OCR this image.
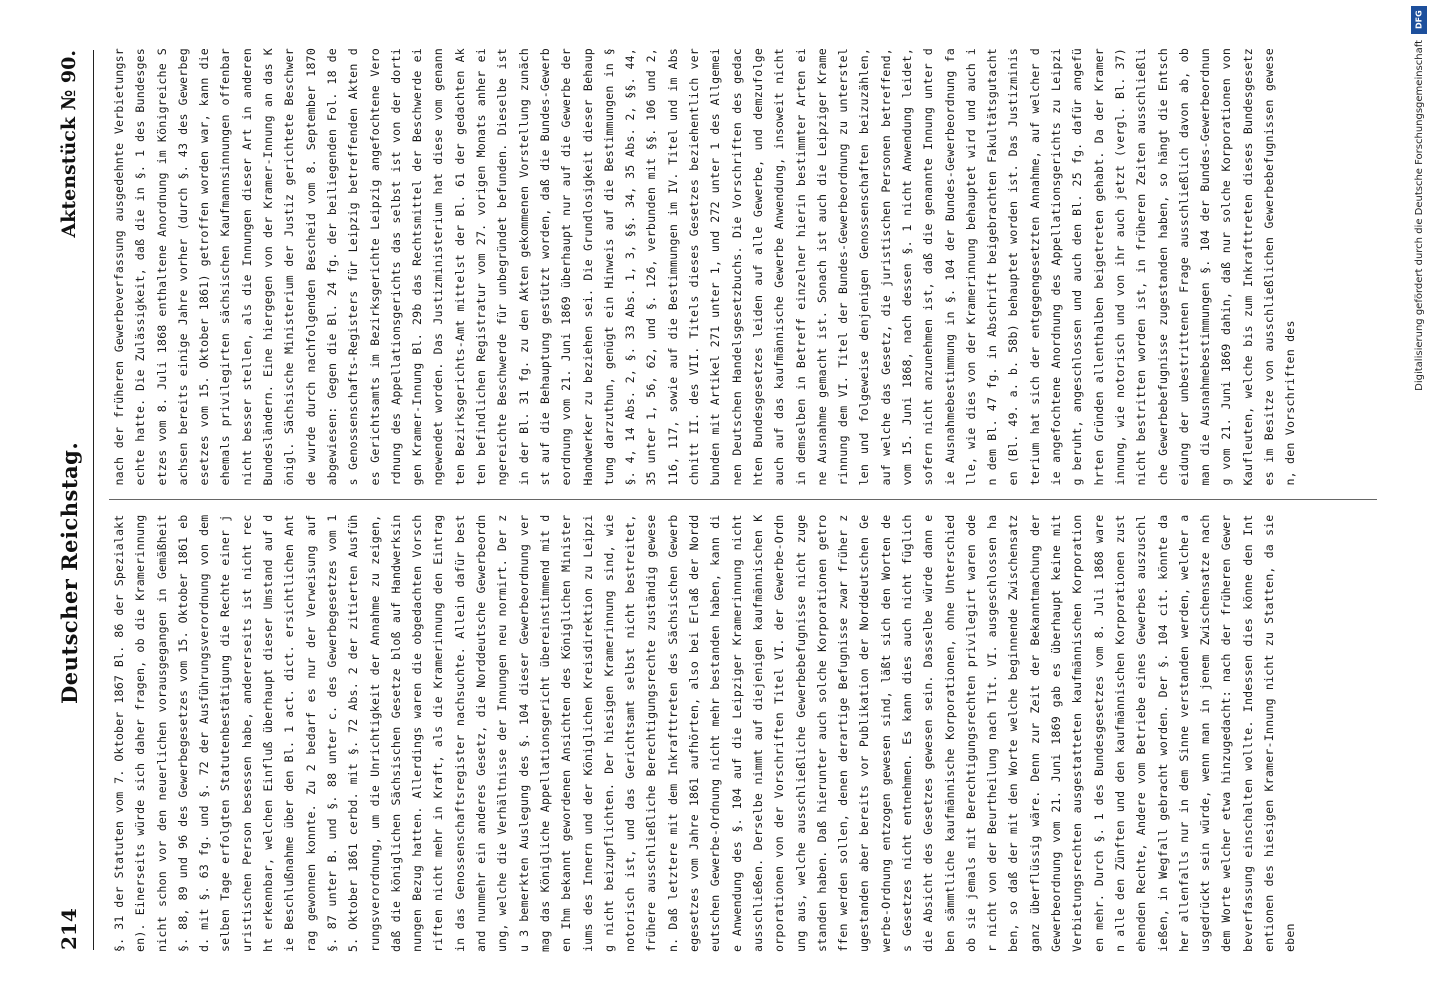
214
Deutscher Reichstag.
Aktenstück № 90.

§. 31 der Statuten vom 7. Oktober 1867 Bl. 86 der Spezialakten). Einerseits würde sich daher fragen, ob die Kramerinnung nicht schon vor den neuerlichen vorausgegangen in Gemäßheit §. 88, 89 und 96 des Gewerbegesetzes vom 15. Oktober 1861 ebd. mit §. 63 fg. und §. 72 der Ausführungsverordnung von demselben Tage erfolgten Statutenbestätigung die Rechte einer juristischen Person besessen habe, andererseits ist nicht recht erkennbar, welchen Einfluß überhaupt dieser Umstand auf die Beschlußnahme über den Bl. 1 act. dict. ersichtlichen Antrag gewonnen konnte. Zu 2 bedarf es nur der Verweisung auf §. 87 unter B. und §. 88 unter c. des Gewerbegesetzes vom 15. Oktober 1861 cerbd. mit §. 72 Abs. 2 der zitierten Ausführungsverordnung, um die Unrichtigkeit der Annahme zu zeigen, daß die königlichen Sächsischen Gesetze bloß auf Handwerksinnungen Bezug hatten. Allerdings waren die obgedachten Vorschriften nicht mehr in Kraft, als die Kramerinnung den Eintrag in das Genossenschaftsregister nachsuchte. Allein dafür bestand nunmehr ein anderes Gesetz, die Norddeutsche Gewerbeordnung, welche die Verhältnisse der Innungen neu normirt. Der zu 3 bemerkten Auslegung des §. 104 dieser Gewerbeordnung vermag das Königliche Appellationsgericht übereinstimmend mit den Ihm bekannt gewordenen Ansichten des Königlichen Ministeriums des Innern und der Königlichen Kreisdirektion zu Leipzig nicht beizupflichten. Der hiesigen Kramerinnung sind, wie notorisch ist, und das Gerichtsamt selbst nicht bestreitet, frühere ausschließliche Berechtigungsrechte zuständig gewesen. Daß letztere mit dem Inkrafttreten des Sächsischen Gewerbegesetzes vom Jahre 1861 aufhörten, also bei Erlaß der Norddeutschen Gewerbe-Ordnung nicht mehr bestanden haben, kann die Anwendung des §. 104 auf die Leipziger Kramerinnung nicht ausschließen. Derselbe nimmt auf diejenigen kaufmännischen Korporationen von der Vorschriften Titel VI. der Gewerbe-Ordnung aus, welche ausschließliche Gewerbebefugnisse nicht zugestanden haben. Daß hierunter auch solche Korporationen getroffen werden sollen, denen derartige Befugnisse zwar früher zugestanden aber bereits vor Publikation der Norddeutschen Gewerbe-Ordnung entzogen gewesen sind, läßt sich den Worten des Gesetzes nicht entnehmen. Es kann dies auch nicht füglich die Absicht des Gesetzes gewesen sein. Dasselbe würde dann eben sämmtliche kaufmännische Korporationen, ohne Unterschied ob sie jemals mit Berechtigungsrechten privilegirt waren oder nicht von der Beurtheilung nach Tit. VI. ausgeschlossen haben, so daß der mit den Worte welche beginnende Zwischensatz ganz überflüssig wäre. Denn zur Zeit der Bekanntmachung der Gewerbeordnung vom 21. Juni 1869 gab es überhaupt keine mit Verbietungsrechten ausgestatteten kaufmännischen Korporationen mehr. Durch §. 1 des Bundesgesetzes vom 8. Juli 1868 waren alle den Zünften und den kaufmännischen Korporationen zustehenden Rechte, Andere vom Betriebe eines Gewerbes auszuschließen, in Wegfall gebracht worden. Der §. 104 cit. könnte daher allenfalls nur in dem Sinne verstanden werden, welcher ausgedrückt sein würde, wenn man in jenem Zwischensatze nach dem Worte welcher etwa hinzugedacht: nach der früheren Gewerbeverfassung einschalten wollte. Indessen dies könne den Intentionen des hiesigen Kramer-Innung nicht zu Statten, da sie eben

nach der früheren Gewerbeverfassung ausgedehnte Verbietungsrechte hatte. Die Zulässigkeit, daß die in §. 1 des Bundesgesetzes vom 8. Juli 1868 enthaltene Anordnung im Königreiche Sachsen bereits einige Jahre vorher (durch §. 43 des Gewerbegesetzes vom 15. Oktober 1861) getroffen worden war, kann die ehemals privilegirten sächsischen Kaufmannsinnungen offenbar nicht besser stellen, als die Innungen dieser Art in anderen Bundesländern. Eine hiergegen von der Kramer-Innung an das Königl. Sächsische Ministerium der Justiz gerichtete Beschwerde wurde durch nachfolgenden Bescheid vom 8. September 1870 abgewiesen: Gegen die Bl. 24 fg. der beiliegenden Fol. 18 des Genossenschafts-Registers für Leipzig betreffenden Akten des Gerichtsamts im Bezirksgerichte Leipzig angefochtene Verordnung des Appellationsgerichts das selbst ist von der dortigen Kramer-Innung Bl. 29b das Rechtsmittel der Beschwerde eingewendet worden. Das Justizministerium hat diese vom genannten Bezirksgerichts-Amt mittelst der Bl. 61 der gedachten Akten befindlichen Registratur vom 27. vorigen Monats anher eingereichte Beschwerde für unbegründet befunden. Dieselbe ist in der Bl. 31 fg. zu den Akten gekommenen Vorstellung zunächst auf die Behauptung gestützt worden, daß die Bundes-Gewerbeordnung vom 21. Juni 1869 überhaupt nur auf die Gewerbe der Handwerker zu beziehen sei. Die Grundlosigkeit dieser Behauptung darzuthun, genügt ein Hinweis auf die Bestimmungen in §§. 4, 14 Abs. 2, §. 33 Abs. 1, 3, §§. 34, 35 Abs. 2, §§. 44, 35 unter 1, 56, 62, und §. 126, verbunden mit §§. 106 und 2, 116, 117, sowie auf die Bestimmungen im IV. Titel und im Abschnitt II. des VII. Titels dieses Gesetzes beziehentlich verbunden mit Artikel 271 unter 1, und 272 unter 1 des Allgemeinen Deutschen Handelsgesetzbuchs. Die Vorschriften des gedachten Bundesgesetzes leiden auf alle Gewerbe, und demzufolge auch auf das kaufmännische Gewerbe Anwendung, insoweit nicht in demselben in Betreff einzelner hierin bestimmter Arten eine Ausnahme gemacht ist. Sonach ist auch die Leipziger Kramerinnung dem VI. Titel der Bundes-Gewerbeordnung zu unterstellen und folgeweise denjenigen Genossenschaften beizuzählen, auf welche das Gesetz, die juristischen Personen betreffend, vom 15. Juni 1868, nach dessen §. 1 nicht Anwendung leidet, sofern nicht anzunehmen ist, daß die genannte Innung unter die Ausnahmebestimmung in §. 104 der Bundes-Gewerbeordnung falle, wie dies von der Kramerinnung behauptet wird und auch in dem Bl. 47 fg. in Abschrift beigebrachten Fakultätsgutachten (Bl. 49. a. b. 58b) behauptet worden ist. Das Justizministerium hat sich der entgegengesetzten Annahme, auf welcher die angefochtene Anordnung des Appellationsgerichts zu Leipzig beruht, angeschlossen und auch den Bl. 25 fg. dafür angeführten Gründen allenthalben beigetreten gehabt. Da der Kramerinnung, wie notorisch und von ihr auch jetzt (vergl. Bl. 37) nicht bestritten worden ist, in früheren Zeiten ausschließliche Gewerbebefugnisse zugestanden haben, so hängt die Entscheidung der unbestrittenen Frage ausschließlich davon ab, ob man die Ausnahmebestimmungen §. 104 der Bundes-Gewerbeordnung vom 21. Juni 1869 dahin, daß nur solche Korporationen von Kaufleuten, welche bis zum Inkrafttreten dieses Bundesgesetzes im Besitze von ausschließlichen Gewerbebefugnissen gewesen, den Vorschriften des

DFG
Digitalisierung gefördert durch die Deutsche Forschungsgemeinschaft
